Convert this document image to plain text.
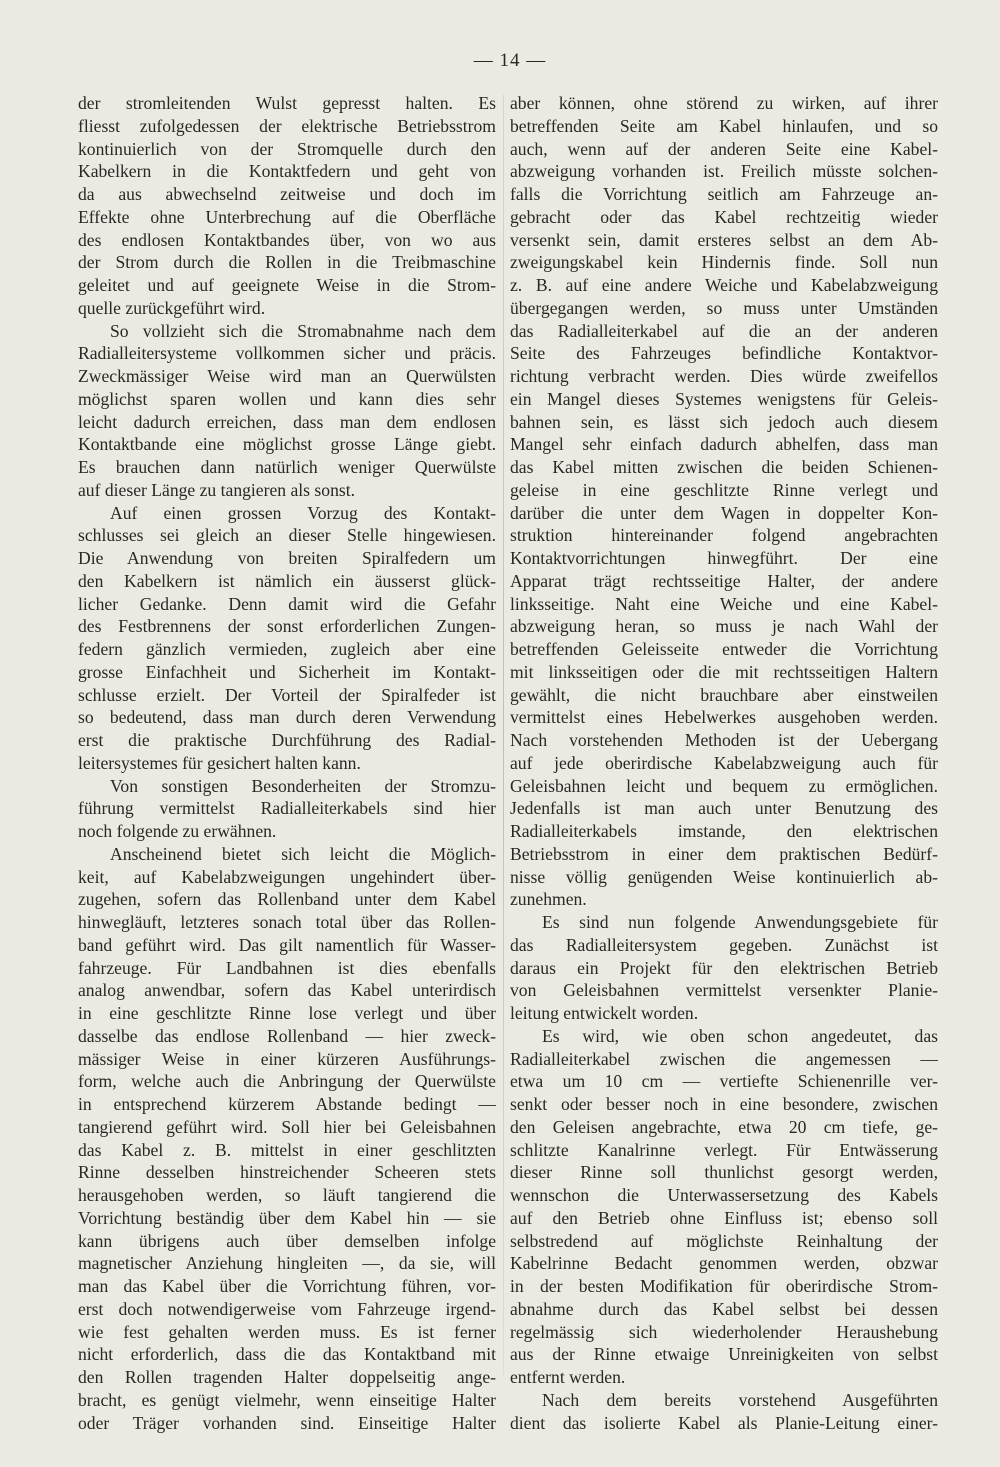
— 14 —
der stromleitenden Wulst gepresst halten. Es
fliesst zufolgedessen der elektrische Betriebsstrom
kontinuierlich von der Stromquelle durch den
Kabelkern in die Kontaktfedern und geht von
da aus abwechselnd zeitweise und doch im
Effekte ohne Unterbrechung auf die Oberfläche
des endlosen Kontaktbandes über, von wo aus
der Strom durch die Rollen in die Treibmaschine
geleitet und auf geeignete Weise in die Strom-
quelle zurückgeführt wird.
So vollzieht sich die Stromabnahme nach dem
Radialleitersysteme vollkommen sicher und präcis.
Zweckmässiger Weise wird man an Querwülsten
möglichst sparen wollen und kann dies sehr
leicht dadurch erreichen, dass man dem endlosen
Kontaktbande eine möglichst grosse Länge giebt.
Es brauchen dann natürlich weniger Querwülste
auf dieser Länge zu tangieren als sonst.
Auf einen grossen Vorzug des Kontakt-
schlusses sei gleich an dieser Stelle hingewiesen.
Die Anwendung von breiten Spiralfedern um
den Kabelkern ist nämlich ein äusserst glück-
licher Gedanke. Denn damit wird die Gefahr
des Festbrennens der sonst erforderlichen Zungen-
federn gänzlich vermieden, zugleich aber eine
grosse Einfachheit und Sicherheit im Kontakt-
schlusse erzielt. Der Vorteil der Spiralfeder ist
so bedeutend, dass man durch deren Verwendung
erst die praktische Durchführung des Radial-
leitersystemes für gesichert halten kann.
Von sonstigen Besonderheiten der Stromzu-
führung vermittelst Radialleiterkabels sind hier
noch folgende zu erwähnen.
Anscheinend bietet sich leicht die Möglich-
keit, auf Kabelabzweigungen ungehindert über-
zugehen, sofern das Rollenband unter dem Kabel
hinwegläuft, letzteres sonach total über das Rollen-
band geführt wird. Das gilt namentlich für Wasser-
fahrzeuge. Für Landbahnen ist dies ebenfalls
analog anwendbar, sofern das Kabel unterirdisch
in eine geschlitzte Rinne lose verlegt und über
dasselbe das endlose Rollenband — hier zweck-
mässiger Weise in einer kürzeren Ausführungs-
form, welche auch die Anbringung der Querwülste
in entsprechend kürzerem Abstande bedingt —
tangierend geführt wird. Soll hier bei Geleisbahnen
das Kabel z. B. mittelst in einer geschlitzten
Rinne desselben hinstreichender Scheeren stets
herausgehoben werden, so läuft tangierend die
Vorrichtung beständig über dem Kabel hin — sie
kann übrigens auch über demselben infolge
magnetischer Anziehung hingleiten —, da sie, will
man das Kabel über die Vorrichtung führen, vor-
erst doch notwendigerweise vom Fahrzeuge irgend-
wie fest gehalten werden muss. Es ist ferner
nicht erforderlich, dass die das Kontaktband mit
den Rollen tragenden Halter doppelseitig ange-
bracht, es genügt vielmehr, wenn einseitige Halter
oder Träger vorhanden sind. Einseitige Halter
aber können, ohne störend zu wirken, auf ihrer
betreffenden Seite am Kabel hinlaufen, und so
auch, wenn auf der anderen Seite eine Kabel-
abzweigung vorhanden ist. Freilich müsste solchen-
falls die Vorrichtung seitlich am Fahrzeuge an-
gebracht oder das Kabel rechtzeitig wieder
versenkt sein, damit ersteres selbst an dem Ab-
zweigungskabel kein Hindernis finde. Soll nun
z. B. auf eine andere Weiche und Kabelabzweigung
übergegangen werden, so muss unter Umständen
das Radialleiterkabel auf die an der anderen
Seite des Fahrzeuges befindliche Kontaktvor-
richtung verbracht werden. Dies würde zweifellos
ein Mangel dieses Systemes wenigstens für Geleis-
bahnen sein, es lässt sich jedoch auch diesem
Mangel sehr einfach dadurch abhelfen, dass man
das Kabel mitten zwischen die beiden Schienen-
geleise in eine geschlitzte Rinne verlegt und
darüber die unter dem Wagen in doppelter Kon-
struktion hintereinander folgend angebrachten
Kontaktvorrichtungen hinwegführt. Der eine
Apparat trägt rechtsseitige Halter, der andere
linksseitige. Naht eine Weiche und eine Kabel-
abzweigung heran, so muss je nach Wahl der
betreffenden Geleisseite entweder die Vorrichtung
mit linksseitigen oder die mit rechtsseitigen Haltern
gewählt, die nicht brauchbare aber einstweilen
vermittelst eines Hebelwerkes ausgehoben werden.
Nach vorstehenden Methoden ist der Uebergang
auf jede oberirdische Kabelabzweigung auch für
Geleisbahnen leicht und bequem zu ermöglichen.
Jedenfalls ist man auch unter Benutzung des
Radialleiterkabels imstande, den elektrischen
Betriebsstrom in einer dem praktischen Bedürf-
nisse völlig genügenden Weise kontinuierlich ab-
zunehmen.
Es sind nun folgende Anwendungsgebiete für
das Radialleitersystem gegeben. Zunächst ist
daraus ein Projekt für den elektrischen Betrieb
von Geleisbahnen vermittelst versenkter Planie-
leitung entwickelt worden.
Es wird, wie oben schon angedeutet, das
Radialleiterkabel zwischen die angemessen —
etwa um 10 cm — vertiefte Schienenrille ver-
senkt oder besser noch in eine besondere, zwischen
den Geleisen angebrachte, etwa 20 cm tiefe, ge-
schlitzte Kanalrinne verlegt. Für Entwässerung
dieser Rinne soll thunlichst gesorgt werden,
wennschon die Unterwassersetzung des Kabels
auf den Betrieb ohne Einfluss ist; ebenso soll
selbstredend auf möglichste Reinhaltung der
Kabelrinne Bedacht genommen werden, obzwar
in der besten Modifikation für oberirdische Strom-
abnahme durch das Kabel selbst bei dessen
regelmässig sich wiederholender Heraushebung
aus der Rinne etwaige Unreinigkeiten von selbst
entfernt werden.
Nach dem bereits vorstehend Ausgeführten
dient das isolierte Kabel als Planie-Leitung einer-
